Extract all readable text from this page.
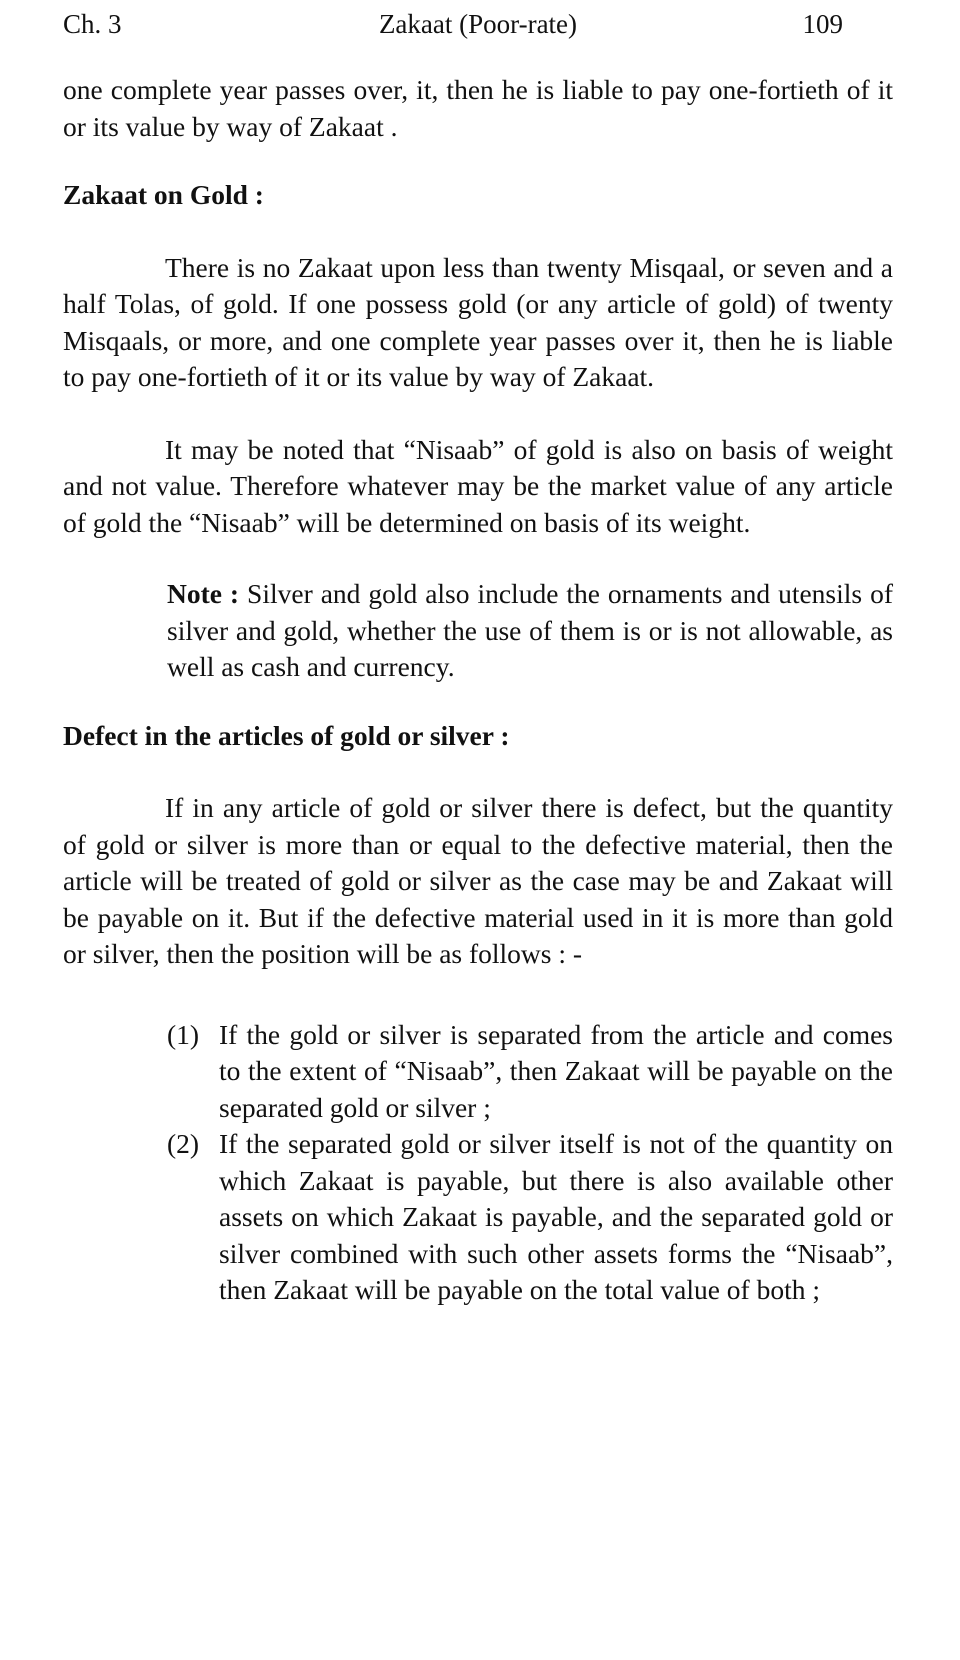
Ch. 3	Zakaat (Poor-rate)	109

one complete year passes over, it, then he is liable to pay one-fortieth of it or its value by way of Zakaat .

Zakaat on Gold :

There is no Zakaat upon less than twenty Misqaal, or seven and a half Tolas, of gold. If one possess gold (or any article of gold) of twenty Misqaals, or more, and one complete year passes over it, then he is liable to pay one-fortieth of it or its value by way of Zakaat.

It may be noted that “Nisaab” of gold is also on basis of weight and not value. Therefore whatever may be the market value of any article of gold the “Nisaab” will be determined on basis of its weight.

Note : Silver and gold also include the ornaments and utensils of silver and gold, whether the use of them is or is not allowable, as well as cash and currency.

Defect in the articles of gold or silver :

If in any article of gold or silver there is defect, but the quantity of gold or silver is more than or equal to the defective material, then the article will be treated of gold or silver as the case may be and Zakaat will be payable on it. But if the defective material used in it is more than gold or silver, then the position will be as follows : -

(1) If the gold or silver is separated from the article and comes to the extent of “Nisaab”, then Zakaat will be payable on the separated gold or silver ;
(2) If the separated gold or silver itself is not of the quantity on which Zakaat is payable, but there is also available other assets on which Zakaat is payable, and the separated gold or silver combined with such other assets forms the “Nisaab”, then Zakaat will be payable on the total value of both ;
